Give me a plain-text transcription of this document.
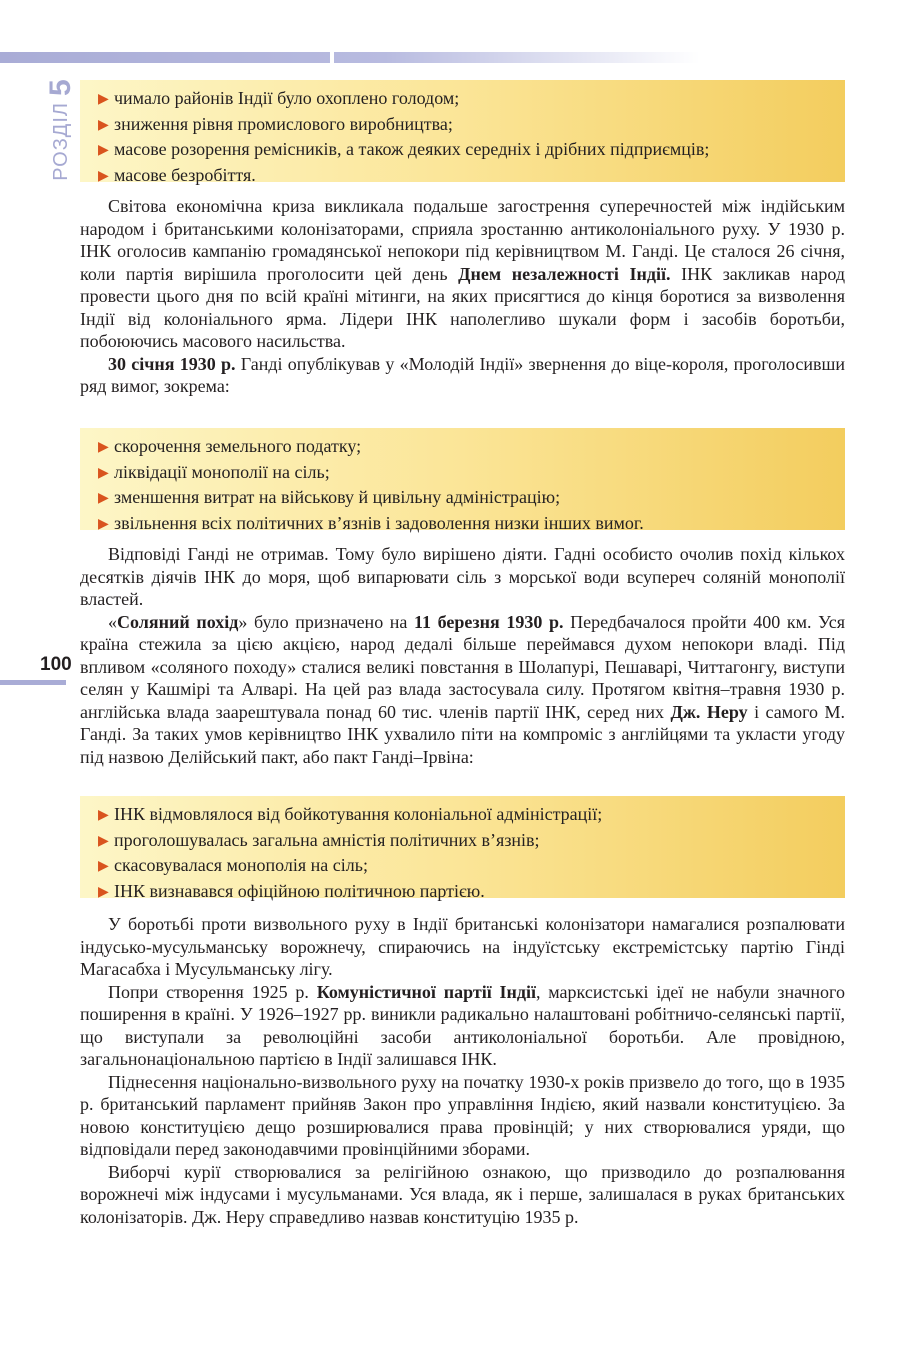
РОЗДІЛ5
100
▶ чимало районів Індії було охоплено голодом;
▶ зниження рівня промислового виробництва;
▶ масове розорення ремісників, а також деяких середніх і дрібних підприємців;
▶ масове безробіття.

Світова економічна криза викликала подальше загострення суперечностей між індійським народом і британськими колонізаторами, сприяла зростанню антиколоніального руху. У 1930 р. ІНК оголосив кампанію громадянської непокори під керівництвом М. Ганді. Це сталося 26 січня, коли партія вирішила проголосити цей день Днем незалежності Індії. ІНК закликав народ провести цього дня по всій країні мітинги, на яких присягтися до кінця боротися за визволення Індії від колоніального ярма. Лідери ІНК наполегливо шукали форм і засобів боротьби, побоюючись масового насильства.

30 січня 1930 р. Ганді опублікував у «Молодій Індії» звернення до віце-короля, проголосивши ряд вимог, зокрема:

▶ скорочення земельного податку;
▶ ліквідації монополії на сіль;
▶ зменшення витрат на військову й цивільну адміністрацію;
▶ звільнення всіх політичних в’язнів і задоволення низки інших вимог.

Відповіді Ганді не отримав. Тому було вирішено діяти. Гадні особисто очолив похід кількох десятків діячів ІНК до моря, щоб випарювати сіль з морської води всупереч соляній монополії властей.

«Соляний похід» було призначено на 11 березня 1930 р. Передбачалося пройти 400 км. Уся країна стежила за цією акцією, народ дедалі більше переймався духом непокори владі. Під впливом «соляного походу» сталися великі повстання в Шолапурі, Пешаварі, Читтагонгу, виступи селян у Кашмірі та Алварі. На цей раз влада застосувала силу. Протягом квітня–травня 1930 р. англійська влада заарештувала понад 60 тис. членів партії ІНК, серед них Дж. Неру і самого М. Ганді. За таких умов керівництво ІНК ухвалило піти на компроміс з англійцями та укласти угоду під назвою Делійський пакт, або пакт Ганді–Ірвіна:

▶ ІНК відмовлялося від бойкотування колоніальної адміністрації;
▶ проголошувалась загальна амністія політичних в’язнів;
▶ скасовувалася монополія на сіль;
▶ ІНК визнавався офіційною політичною партією.

У боротьбі проти визвольного руху в Індії британські колонізатори намагалися розпалювати індусько-мусульманську ворожнечу, спираючись на індуїстську екстремістську партію Гінді Магасабха і Мусульманську лігу.

Попри створення 1925 р. Комуністичної партії Індії, марксистські ідеї не набули значного поширення в країні. У 1926–1927 рр. виникли радикально налаштовані робітничо-селянські партії, що виступали за революційні засоби антиколоніальної боротьби. Але провідною, загальнонаціональною партією в Індії залишався ІНК.

Піднесення національно-визвольного руху на початку 1930-х років призвело до того, що в 1935 р. британський парламент прийняв Закон про управління Індією, який назвали конституцією. За новою конституцією дещо розширювалися права провінцій; у них створювалися уряди, що відповідали перед законодавчими провінційними зборами.

Виборчі курії створювалися за релігійною ознакою, що призводило до розпалювання ворожнечі між індусами і мусульманами. Уся влада, як і перше, залишалася в руках британських колонізаторів. Дж. Неру справедливо назвав конституцію 1935 р.
